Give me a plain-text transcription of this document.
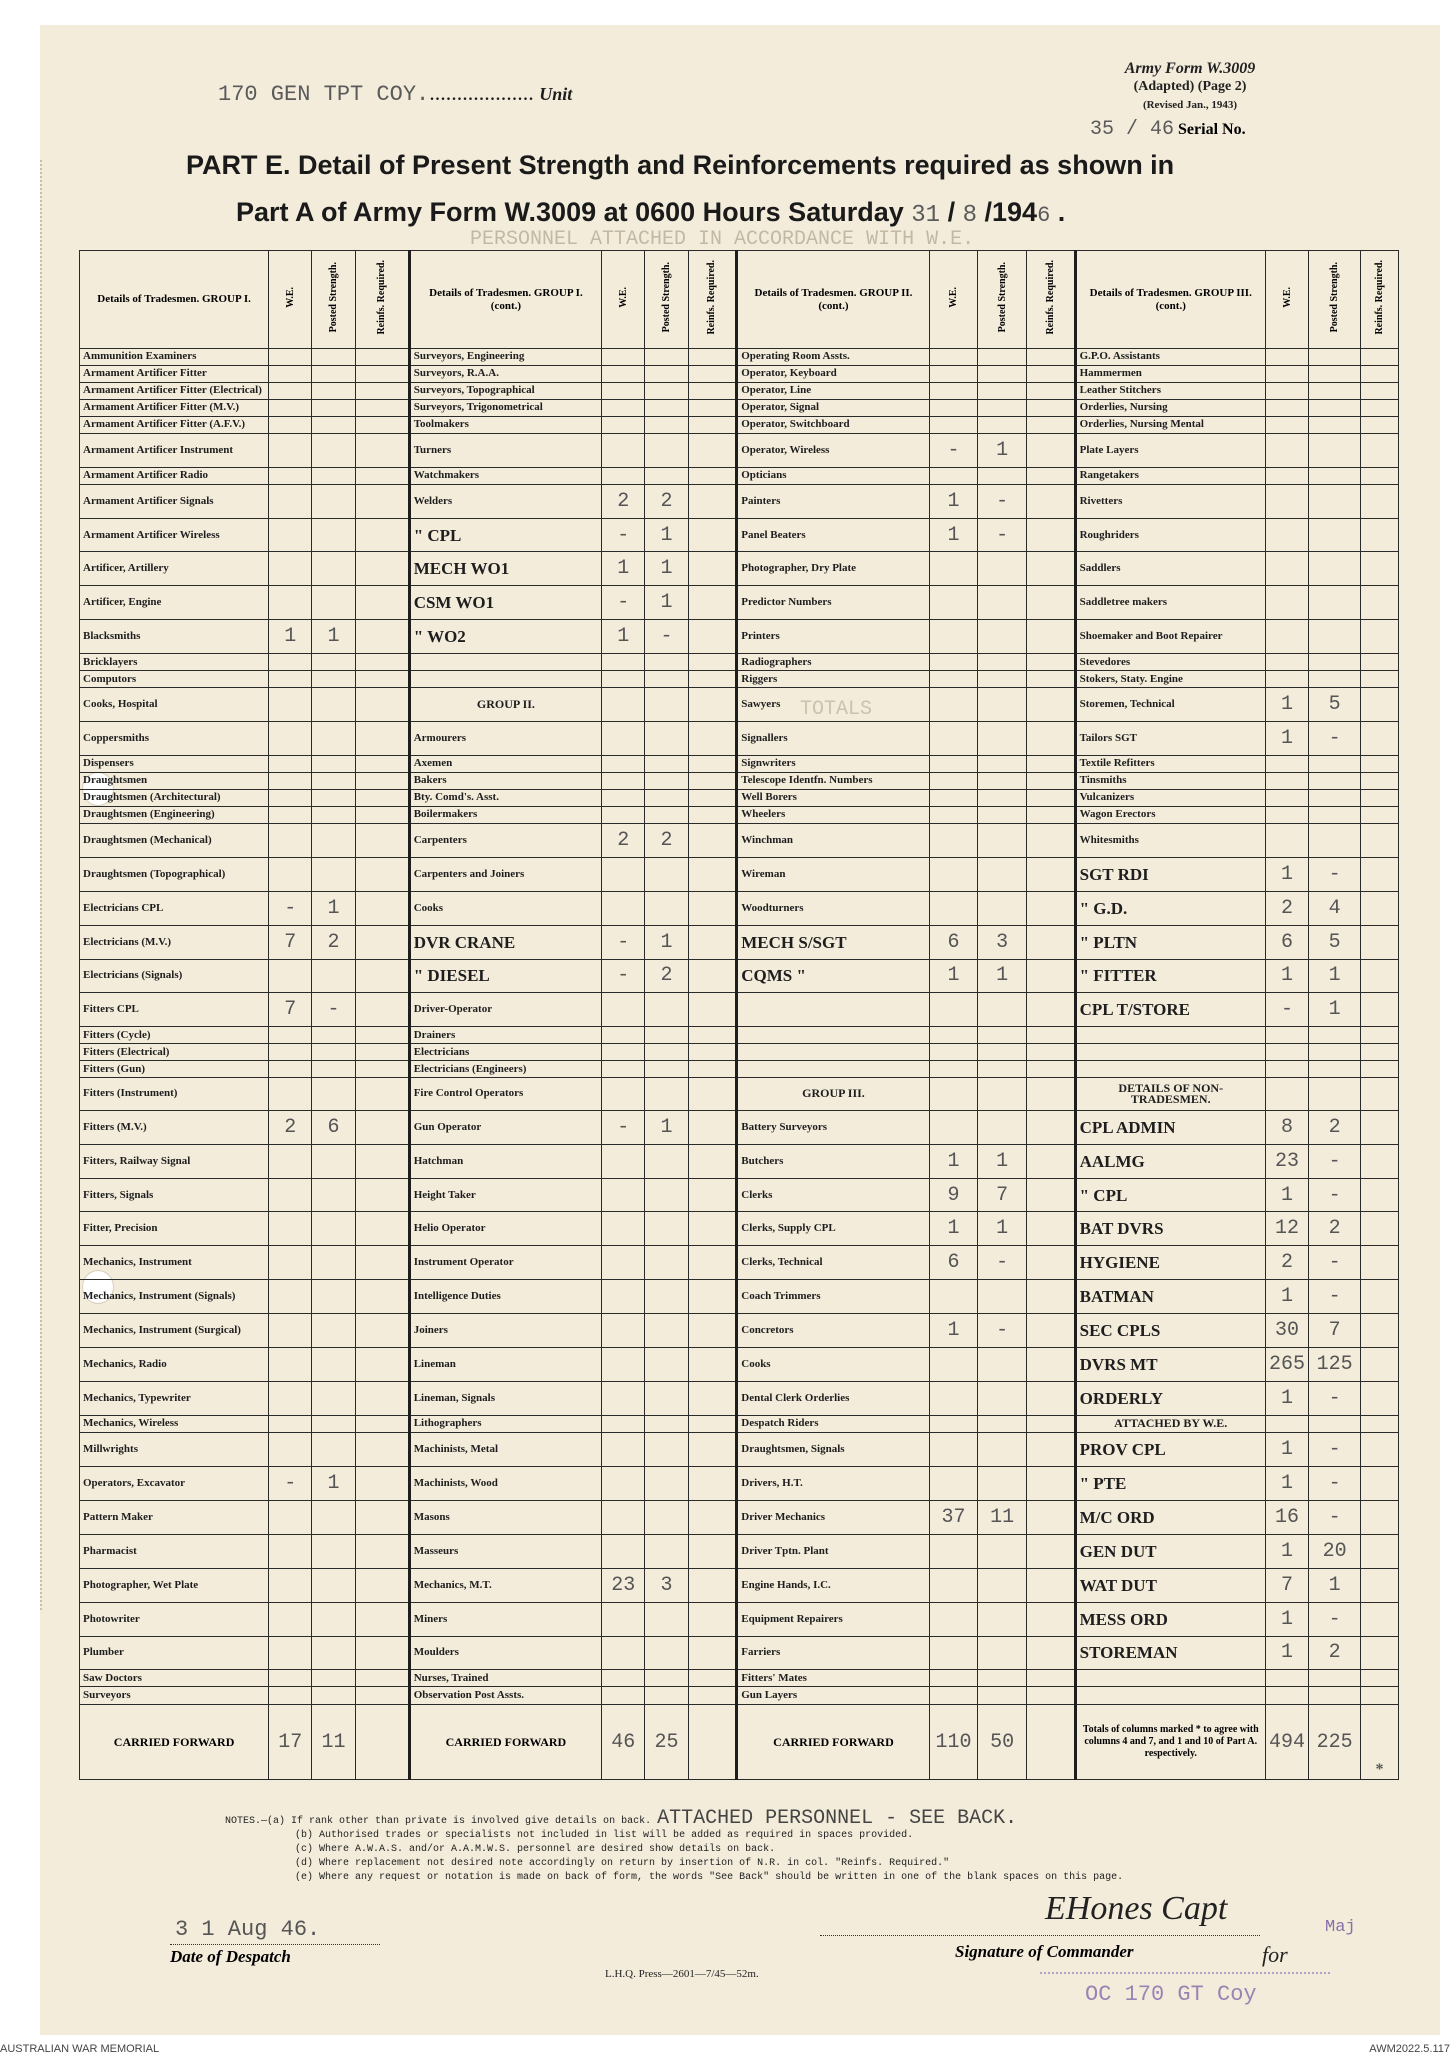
170 GEN TPT COY.................... Unit
Army Form W.3009
(Adapted) (Page 2)
(Revised Jan., 1943)
35 / 46 Serial No.
PART E. Detail of Present Strength and Reinforcements required as shown in
Part A of Army Form W.3009 at 0600 Hours Saturday 31 / 8 /1946 .
PERSONNEL ATTACHED IN ACCORDANCE WITH W.E.
TOTALS
Details of Tradesmen. GROUP I.	W.E.	Posted Strength.	Reinfs. Required.	Details of Tradesmen. GROUP I. (cont.)	W.E.	Posted Strength.	Reinfs. Required.	Details of Tradesmen. GROUP II. (cont.)	W.E.	Posted Strength.	Reinfs. Required.	Details of Tradesmen. GROUP III. (cont.)	W.E.	Posted Strength.	Reinfs. Required.
Ammunition Examiners				Surveyors, Engineering				Operating Room Assts.				G.P.O. Assistants			
Armament Artificer Fitter				Surveyors, R.A.A.				Operator, Keyboard				Hammermen			
Armament Artificer Fitter (Electrical)				Surveyors, Topographical				Operator, Line				Leather Stitchers			
Armament Artificer Fitter (M.V.)				Surveyors, Trigonometrical				Operator, Signal				Orderlies, Nursing			
Armament Artificer Fitter (A.F.V.)				Toolmakers				Operator, Switchboard				Orderlies, Nursing Mental			
Armament Artificer Instrument				Turners				Operator, Wireless	-	1		Plate Layers			
Armament Artificer Radio				Watchmakers				Opticians				Rangetakers			
Armament Artificer Signals				Welders	2	2		Painters	1	-		Rivetters			
Armament Artificer Wireless				" CPL	-	1		Panel Beaters	1	-		Roughriders			
Artificer, Artillery				MECH WO1	1	1		Photographer, Dry Plate				Saddlers			
Artificer, Engine				CSM WO1	-	1		Predictor Numbers				Saddletree makers			
Blacksmiths	1	1		" WO2	1	-		Printers				Shoemaker and Boot Repairer			
Bricklayers								Radiographers				Stevedores			
Computors								Riggers				Stokers, Staty. Engine			
Cooks, Hospital				GROUP II.				Sawyers				Storemen, Technical	1	5	
Coppersmiths				Armourers				Signallers				Tailors SGT	1	-	
Dispensers				Axemen				Signwriters				Textile Refitters			
Draughtsmen				Bakers				Telescope Identfn. Numbers				Tinsmiths			
Draughtsmen (Architectural)				Bty. Comd's. Asst.				Well Borers				Vulcanizers			
Draughtsmen (Engineering)				Boilermakers				Wheelers				Wagon Erectors			
Draughtsmen (Mechanical)				Carpenters	2	2		Winchman				Whitesmiths			
Draughtsmen (Topographical)				Carpenters and Joiners				Wireman				SGT RDI	1	-	
Electricians CPL	-	1		Cooks				Woodturners				" G.D.	2	4	
Electricians (M.V.)	7	2		DVR CRANE	-	1		MECH S/SGT	6	3		" PLTN	6	5	
Electricians (Signals)				" DIESEL	-	2		CQMS "	1	1		" FITTER	1	1	
Fitters CPL	7	-		Driver-Operator								CPL T/STORE	-	1	
Fitters (Cycle)				Drainers											
Fitters (Electrical)				Electricians											
Fitters (Gun)				Electricians (Engineers)											
Fitters (Instrument)				Fire Control Operators				GROUP III.				DETAILS OF NON-TRADESMEN.			
Fitters (M.V.)	2	6		Gun Operator	-	1		Battery Surveyors				CPL ADMIN	8	2	
Fitters, Railway Signal				Hatchman				Butchers	1	1		AALMG	23	-	
Fitters, Signals				Height Taker				Clerks	9	7		" CPL	1	-	
Fitter, Precision				Helio Operator				Clerks, Supply CPL	1	1		BAT DVRS	12	2	
Mechanics, Instrument				Instrument Operator				Clerks, Technical	6	-		HYGIENE	2	-	
Mechanics, Instrument (Signals)				Intelligence Duties				Coach Trimmers				BATMAN	1	-	
Mechanics, Instrument (Surgical)				Joiners				Concretors	1	-		SEC CPLS	30	7	
Mechanics, Radio				Lineman				Cooks				DVRS MT	265	125	
Mechanics, Typewriter				Lineman, Signals				Dental Clerk Orderlies				ORDERLY	1	-	
Mechanics, Wireless				Lithographers				Despatch Riders				ATTACHED BY W.E.			
Millwrights				Machinists, Metal				Draughtsmen, Signals				PROV CPL	1	-	
Operators, Excavator	-	1		Machinists, Wood				Drivers, H.T.				" PTE	1	-	
Pattern Maker				Masons				Driver Mechanics	37	11		M/C ORD	16	-	
Pharmacist				Masseurs				Driver Tptn. Plant				GEN DUT	1	20	
Photographer, Wet Plate				Mechanics, M.T.	23	3		Engine Hands, I.C.				WAT DUT	7	1	
Photowriter				Miners				Equipment Repairers				MESS ORD	1	-	
Plumber				Moulders				Farriers				STOREMAN	1	2	
Saw Doctors				Nurses, Trained				Fitters' Mates							
Surveyors				Observation Post Assts.				Gun Layers							
CARRIED FORWARD	17	11		CARRIED FORWARD	46	25		CARRIED FORWARD	110	50		Totals of columns marked * to agree with columns 4 and 7, and 1 and 10 of Part A. respectively.	494	225	*
NOTES.—(a) If rank other than private is involved give details on back. ATTACHED PERSONNEL - SEE BACK.
(b) Authorised trades or specialists not included in list will be added as required in spaces provided.
(c) Where A.W.A.S. and/or A.A.M.W.S. personnel are desired show details on back.
(d) Where replacement not desired note accordingly on return by insertion of N.R. in col. "Reinfs. Required."
(e) Where any request or notation is made on back of form, the words "See Back" should be written in one of the blank spaces on this page.
3 1 Aug 46.
Date of Despatch
EHones Capt
Signature of Commander	for
Maj
OC 170 GT Coy
L.H.Q. Press—2601—7/45—52m.
AUSTRALIAN WAR MEMORIAL	AWM2022.5.117
